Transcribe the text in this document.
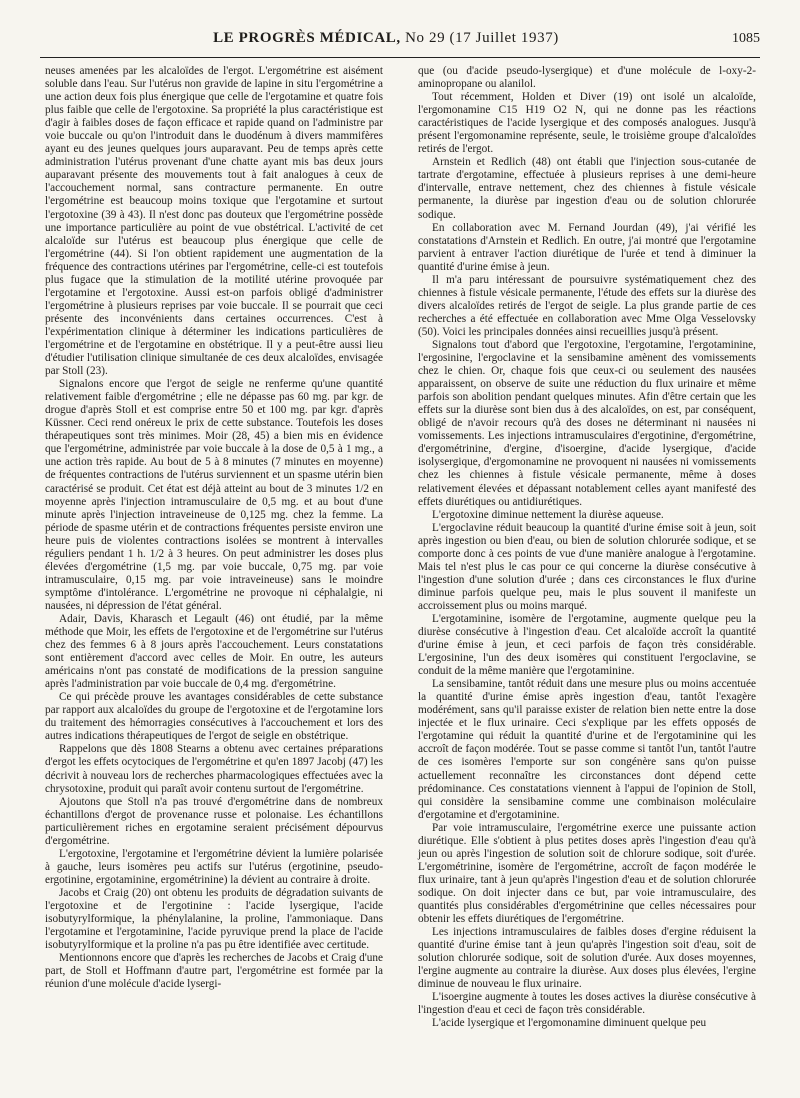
LE PROGRÈS MÉDICAL, No 29 (17 Juillet 1937)	1085

neuses amenées par les alcaloïdes de l'ergot. L'ergométrine est aisément soluble dans l'eau. Sur l'utérus non gravide de lapine in situ l'ergométrine a une action deux fois plus énergique que celle de l'ergotamine et quatre fois plus faible que celle de l'ergotoxine. Sa propriété la plus caractéristique est d'agir à faibles doses de façon efficace et rapide quand on l'administre par voie buccale ou qu'on l'introduit dans le duodénum à divers mammifères ayant eu des jeunes quelques jours auparavant. Peu de temps après cette administration l'utérus provenant d'une chatte ayant mis bas deux jours auparavant présente des mouvements tout à fait analogues à ceux de l'accouchement normal, sans contracture permanente. En outre l'ergométrine est beaucoup moins toxique que l'ergotamine et surtout l'ergotoxine (39 à 43). Il n'est donc pas douteux que l'ergométrine possède une importance particulière au point de vue obstétrical. L'activité de cet alcaloïde sur l'utérus est beaucoup plus énergique que celle de l'ergométrine (44). Si l'on obtient rapidement une augmentation de la fréquence des contractions utérines par l'ergométrine, celle-ci est toutefois plus fugace que la stimulation de la motilité utérine provoquée par l'ergotamine et l'ergotoxine. Aussi est-on parfois obligé d'administrer l'ergométrine à plusieurs reprises par voie buccale. Il se pourrait que ceci présente des inconvénients dans certaines occurrences. C'est à l'expérimentation clinique à déterminer les indications particulières de l'ergométrine et de l'ergotamine en obstétrique. Il y a peut-être aussi lieu d'étudier l'utilisation clinique simultanée de ces deux alcaloïdes, envisagée par Stoll (23).

Signalons encore que l'ergot de seigle ne renferme qu'une quantité relativement faible d'ergométrine ; elle ne dépasse pas 60 mg. par kgr. de drogue d'après Stoll et est comprise entre 50 et 100 mg. par kgr. d'après Küssner. Ceci rend onéreux le prix de cette substance. Toutefois les doses thérapeutiques sont très minimes. Moir (28, 45) a bien mis en évidence que l'ergométrine, administrée par voie buccale à la dose de 0,5 à 1 mg., a une action très rapide. Au bout de 5 à 8 minutes (7 minutes en moyenne) de fréquentes contractions de l'utérus surviennent et un spasme utérin bien caractérisé se produit. Cet état est déjà atteint au bout de 3 minutes 1/2 en moyenne après l'injection intramusculaire de 0,5 mg. et au bout d'une minute après l'injection intraveineuse de 0,125 mg. chez la femme. La période de spasme utérin et de contractions fréquentes persiste environ une heure puis de violentes contractions isolées se montrent à intervalles réguliers pendant 1 h. 1/2 à 3 heures. On peut administrer les doses plus élevées d'ergométrine (1,5 mg. par voie buccale, 0,75 mg. par voie intramusculaire, 0,15 mg. par voie intraveineuse) sans le moindre symptôme d'intolérance. L'ergométrine ne provoque ni céphalalgie, ni nausées, ni dépression de l'état général.

Adair, Davis, Kharasch et Legault (46) ont étudié, par la même méthode que Moir, les effets de l'ergotoxine et de l'ergométrine sur l'utérus chez des femmes 6 à 8 jours après l'accouchement. Leurs constatations sont entièrement d'accord avec celles de Moir. En outre, les auteurs américains n'ont pas constaté de modifications de la pression sanguine après l'administration par voie buccale de 0,4 mg. d'ergométrine.

Ce qui précède prouve les avantages considérables de cette substance par rapport aux alcaloïdes du groupe de l'ergotoxine et de l'ergotamine lors du traitement des hémorragies consécutives à l'accouchement et lors des autres indications thérapeutiques de l'ergot de seigle en obstétrique.

Rappelons que dès 1808 Stearns a obtenu avec certaines préparations d'ergot les effets ocytociques de l'ergométrine et qu'en 1897 Jacobj (47) les décrivit à nouveau lors de recherches pharmacologiques effectuées avec la chrysotoxine, produit qui paraît avoir contenu surtout de l'ergométrine.

Ajoutons que Stoll n'a pas trouvé d'ergométrine dans de nombreux échantillons d'ergot de provenance russe et polonaise. Les échantillons particulièrement riches en ergotamine seraient précisément dépourvus d'ergométrine.

L'ergotoxine, l'ergotamine et l'ergométrine dévient la lumière polarisée à gauche, leurs isomères peu actifs sur l'utérus (ergotinine, pseudo-ergotinine, ergotaminine, ergométrinine) la dévient au contraire à droite.

Jacobs et Craig (20) ont obtenu les produits de dégradation suivants de l'ergotoxine et de l'ergotinine : l'acide lysergique, l'acide isobutyrylformique, la phénylalanine, la proline, l'ammoniaque. Dans l'ergotamine et l'ergotaminine, l'acide pyruvique prend la place de l'acide isobutyrylformique et la proline n'a pas pu être identifiée avec certitude.

Mentionnons encore que d'après les recherches de Jacobs et Craig d'une part, de Stoll et Hoffmann d'autre part, l'ergométrine est formée par la réunion d'une molécule d'acide lysergi-

que (ou d'acide pseudo-lysergique) et d'une molécule de l-oxy-2-aminopropane ou alanilol.

Tout récemment, Holden et Diver (19) ont isolé un alcaloïde, l'ergomonamine C15 H19 O2 N, qui ne donne pas les réactions caractéristiques de l'acide lysergique et des composés analogues. Jusqu'à présent l'ergomonamine représente, seule, le troisième groupe d'alcaloïdes retirés de l'ergot.

Arnstein et Redlich (48) ont établi que l'injection sous-cutanée de tartrate d'ergotamine, effectuée à plusieurs reprises à une demi-heure d'intervalle, entrave nettement, chez des chiennes à fistule vésicale permanente, la diurèse par ingestion d'eau ou de solution chlorurée sodique.

En collaboration avec M. Fernand Jourdan (49), j'ai vérifié les constatations d'Arnstein et Redlich. En outre, j'ai montré que l'ergotamine parvient à entraver l'action diurétique de l'urée et tend à diminuer la quantité d'urine émise à jeun.

Il m'a paru intéressant de poursuivre systématiquement chez des chiennes à fistule vésicale permanente, l'étude des effets sur la diurèse des divers alcaloïdes retirés de l'ergot de seigle. La plus grande partie de ces recherches a été effectuée en collaboration avec Mme Olga Vesselovsky (50). Voici les principales données ainsi recueillies jusqu'à présent.

Signalons tout d'abord que l'ergotoxine, l'ergotamine, l'ergotaminine, l'ergosinine, l'ergoclavine et la sensibamine amènent des vomissements chez le chien. Or, chaque fois que ceux-ci ou seulement des nausées apparaissent, on observe de suite une réduction du flux urinaire et même parfois son abolition pendant quelques minutes. Afin d'être certain que les effets sur la diurèse sont bien dus à des alcaloïdes, on est, par conséquent, obligé de n'avoir recours qu'à des doses ne déterminant ni nausées ni vomissements. Les injections intramusculaires d'ergotinine, d'ergométrine, d'ergométrinine, d'ergine, d'isoergine, d'acide lysergique, d'acide isolysergique, d'ergomonamine ne provoquent ni nausées ni vomissements chez les chiennes à fistule vésicale permanente, même à doses relativement élevées et dépassant notablement celles ayant manifesté des effets diurétiques ou antidiurétiques.

L'ergotoxine diminue nettement la diurèse aqueuse.

L'ergoclavine réduit beaucoup la quantité d'urine émise soit à jeun, soit après ingestion ou bien d'eau, ou bien de solution chlorurée sodique, et se comporte donc à ces points de vue d'une manière analogue à l'ergotamine. Mais tel n'est plus le cas pour ce qui concerne la diurèse consécutive à l'ingestion d'une solution d'urée ; dans ces circonstances le flux d'urine diminue parfois quelque peu, mais le plus souvent il manifeste un accroissement plus ou moins marqué.

L'ergotaminine, isomère de l'ergotamine, augmente quelque peu la diurèse consécutive à l'ingestion d'eau. Cet alcaloïde accroît la quantité d'urine émise à jeun, et ceci parfois de façon très considérable. L'ergosinine, l'un des deux isomères qui constituent l'ergoclavine, se conduit de la même manière que l'ergotaminine.

La sensibamine, tantôt réduit dans une mesure plus ou moins accentuée la quantité d'urine émise après ingestion d'eau, tantôt l'exagère modérément, sans qu'il paraisse exister de relation bien nette entre la dose injectée et le flux urinaire. Ceci s'explique par les effets opposés de l'ergotamine qui réduit la quantité d'urine et de l'ergotaminine qui les accroît de façon modérée. Tout se passe comme si tantôt l'un, tantôt l'autre de ces isomères l'emporte sur son congénère sans qu'on puisse actuellement reconnaître les circonstances dont dépend cette prédominance. Ces constatations viennent à l'appui de l'opinion de Stoll, qui considère la sensibamine comme une combinaison moléculaire d'ergotamine et d'ergotaminine.

Par voie intramusculaire, l'ergométrine exerce une puissante action diurétique. Elle s'obtient à plus petites doses après l'ingestion d'eau qu'à jeun ou après l'ingestion de solution soit de chlorure sodique, soit d'urée. L'ergométrinine, isomère de l'ergométrine, accroît de façon modérée le flux urinaire, tant à jeun qu'après l'ingestion d'eau et de solution chlorurée sodique. On doit injecter dans ce but, par voie intramusculaire, des quantités plus considérables d'ergométrinine que celles nécessaires pour obtenir les effets diurétiques de l'ergométrine.

Les injections intramusculaires de faibles doses d'ergine réduisent la quantité d'urine émise tant à jeun qu'après l'ingestion soit d'eau, soit de solution chlorurée sodique, soit de solution d'urée. Aux doses moyennes, l'ergine augmente au contraire la diurèse. Aux doses plus élevées, l'ergine diminue de nouveau le flux urinaire.

L'isoergine augmente à toutes les doses actives la diurèse consécutive à l'ingestion d'eau et ceci de façon très considérable.

L'acide lysergique et l'ergomonamine diminuent quelque peu
